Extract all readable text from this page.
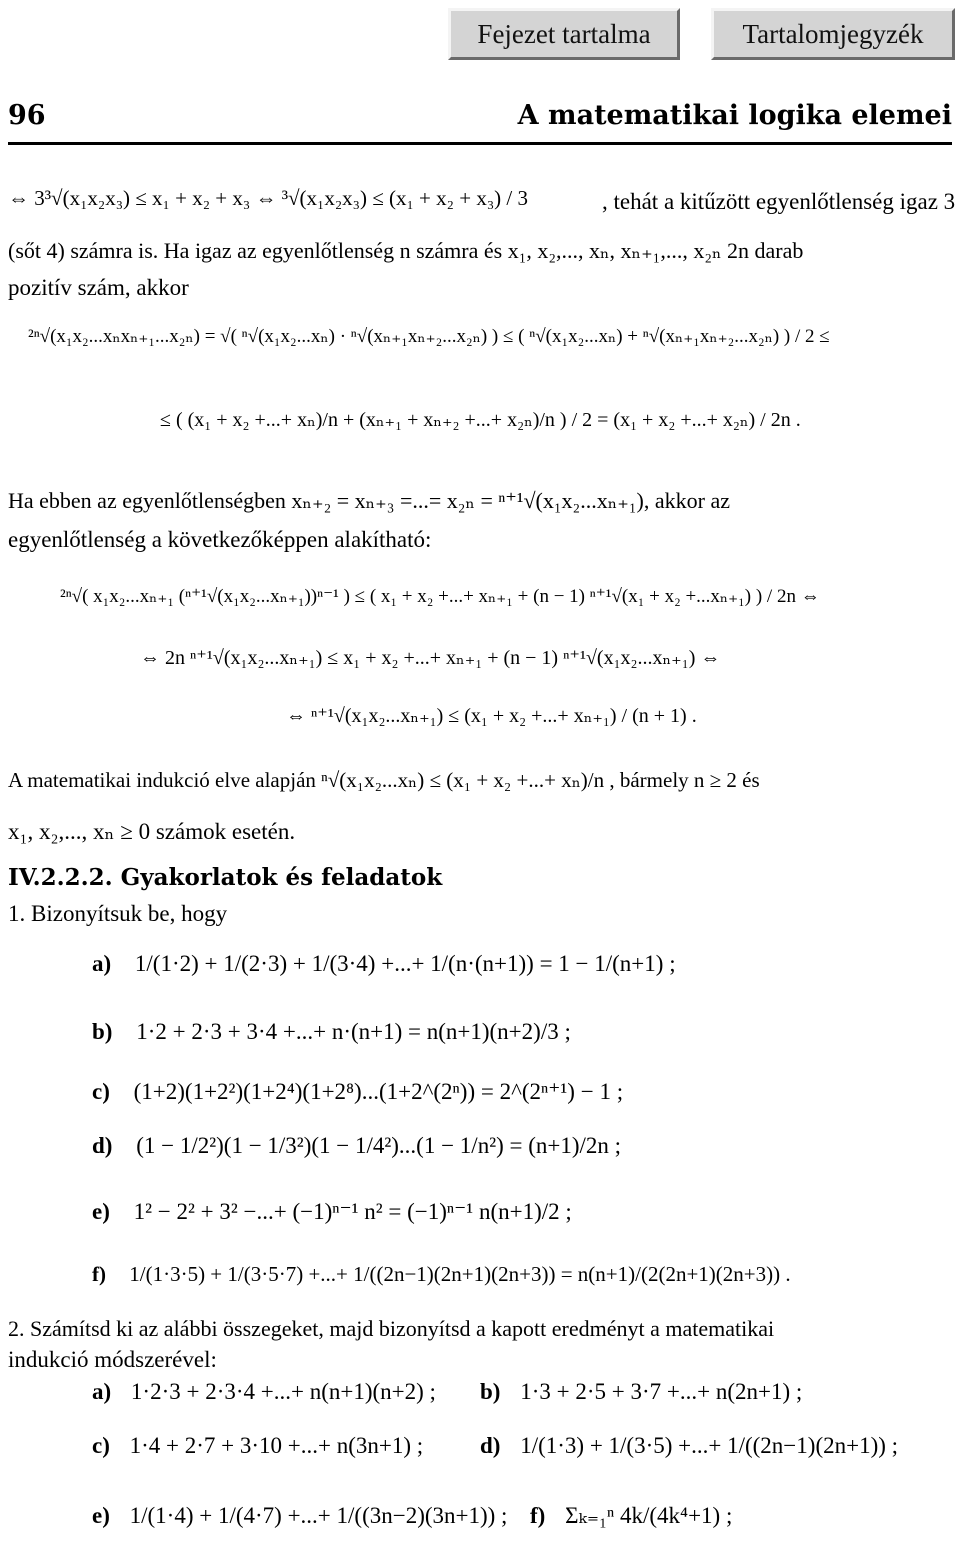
Fejezet tartalma	Tartalomjegyzék
96	A matematikai logika elemei
⇔ 3³√(x₁x₂x₃) ≤ x₁ + x₂ + x₃ ⇔ ³√(x₁x₂x₃) ≤ (x₁ + x₂ + x₃) / 3	, tehát a kitűzött egyenlőtlenség igaz 3
(sőt 4) számra is. Ha igaz az egyenlőtlenség n számra és x₁, x₂,..., xₙ, xₙ₊₁,..., x₂ₙ 2n darab
pozitív szám, akkor
²ⁿ√(x₁x₂...xₙxₙ₊₁...x₂ₙ) = √( ⁿ√(x₁x₂...xₙ) · ⁿ√(xₙ₊₁xₙ₊₂...x₂ₙ) ) ≤ ( ⁿ√(x₁x₂...xₙ) + ⁿ√(xₙ₊₁xₙ₊₂...x₂ₙ) ) / 2 ≤
≤ ( (x₁ + x₂ +...+ xₙ)/n + (xₙ₊₁ + xₙ₊₂ +...+ x₂ₙ)/n ) / 2 = (x₁ + x₂ +...+ x₂ₙ) / 2n .
Ha ebben az egyenlőtlenségben xₙ₊₂ = xₙ₊₃ =...= x₂ₙ = ⁿ⁺¹√(x₁x₂...xₙ₊₁), akkor az
egyenlőtlenség a következőképpen alakítható:
²ⁿ√( x₁x₂...xₙ₊₁ (ⁿ⁺¹√(x₁x₂...xₙ₊₁))ⁿ⁻¹ ) ≤ ( x₁ + x₂ +...+ xₙ₊₁ + (n − 1) ⁿ⁺¹√(x₁ + x₂ +...xₙ₊₁) ) / 2n ⇔
⇔ 2n ⁿ⁺¹√(x₁x₂...xₙ₊₁) ≤ x₁ + x₂ +...+ xₙ₊₁ + (n − 1) ⁿ⁺¹√(x₁x₂...xₙ₊₁) ⇔
⇔ ⁿ⁺¹√(x₁x₂...xₙ₊₁) ≤ (x₁ + x₂ +...+ xₙ₊₁) / (n + 1) .
A matematikai indukció elve alapján ⁿ√(x₁x₂...xₙ) ≤ (x₁ + x₂ +...+ xₙ)/n , bármely n ≥ 2 és
x₁, x₂,..., xₙ ≥ 0 számok esetén.
IV.2.2.2. Gyakorlatok és feladatok
1. Bizonyítsuk be, hogy
a) 1/(1·2) + 1/(2·3) + 1/(3·4) +...+ 1/(n·(n+1)) = 1 − 1/(n+1) ;
b) 1·2 + 2·3 + 3·4 +...+ n·(n+1) = n(n+1)(n+2)/3 ;
c) (1+2)(1+2²)(1+2⁴)(1+2⁸)...(1+2^(2ⁿ)) = 2^(2ⁿ⁺¹) − 1 ;
d) (1 − 1/2²)(1 − 1/3²)(1 − 1/4²)...(1 − 1/n²) = (n+1)/2n ;
e) 1² − 2² + 3² −...+ (−1)ⁿ⁻¹ n² = (−1)ⁿ⁻¹ n(n+1)/2 ;
f) 1/(1·3·5) + 1/(3·5·7) +...+ 1/((2n−1)(2n+1)(2n+3)) = n(n+1)/(2(2n+1)(2n+3)) .
2. Számítsd ki az alábbi összegeket, majd bizonyítsd a kapott eredményt a matematikai
indukció módszerével:
a) 1·2·3 + 2·3·4 +...+ n(n+1)(n+2) ; b) 1·3 + 2·5 + 3·7 +...+ n(2n+1) ;
c) 1·4 + 2·7 + 3·10 +...+ n(3n+1) ; d) 1/(1·3) + 1/(3·5) +...+ 1/((2n−1)(2n+1)) ;
e) 1/(1·4) + 1/(4·7) +...+ 1/((3n−2)(3n+1)) ; f) Σₖ₌₁ⁿ 4k/(4k⁴+1) ;
